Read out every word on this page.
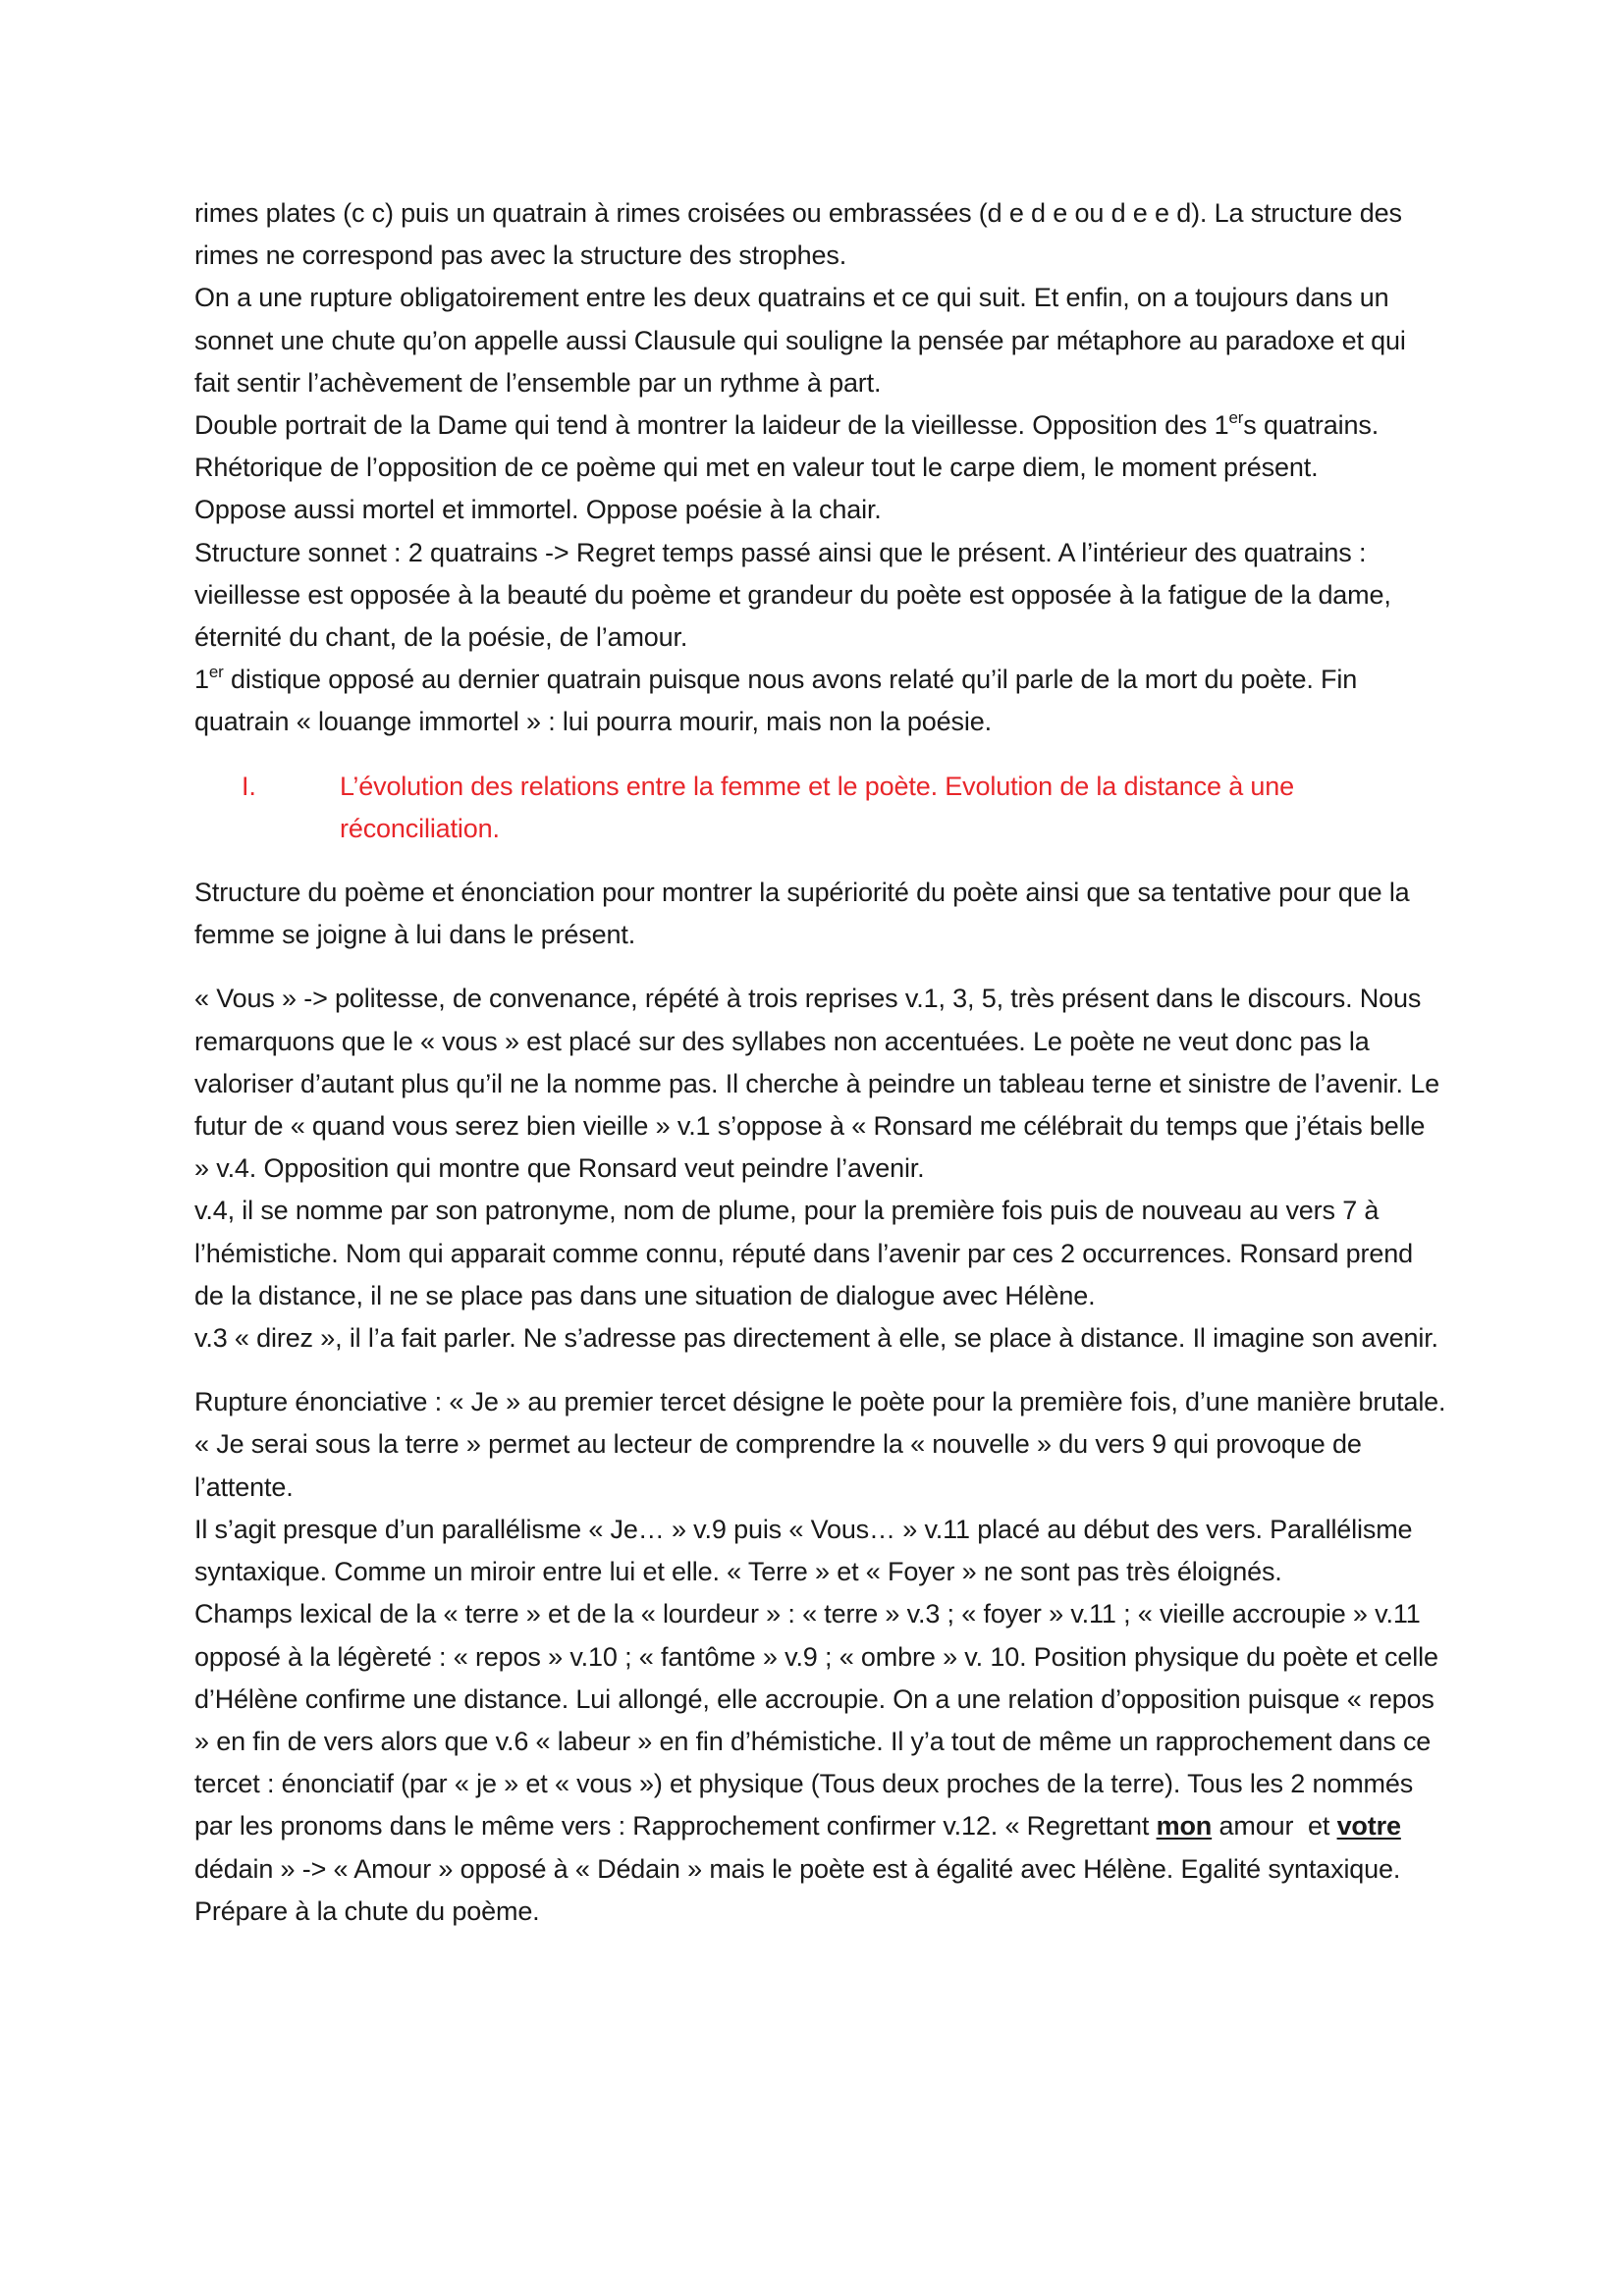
rimes plates (c c) puis un quatrain à rimes croisées ou embrassées (d e d e ou d e e d). La structure des rimes ne correspond pas avec la structure des strophes.

On a une rupture obligatoirement entre les deux quatrains et ce qui suit. Et enfin, on a toujours dans un sonnet une chute qu’on appelle aussi Clausule qui souligne la pensée par métaphore au paradoxe et qui fait sentir l’achèvement de l’ensemble par un rythme à part.

Double portrait de la Dame qui tend à montrer la laideur de la vieillesse. Opposition des 1ers quatrains. Rhétorique de l’opposition de ce poème qui met en valeur tout le carpe diem, le moment présent.

Oppose aussi mortel et immortel. Oppose poésie à la chair.

Structure sonnet : 2 quatrains -> Regret temps passé ainsi que le présent. A l’intérieur des quatrains : vieillesse est opposée à la beauté du poème et grandeur du poète est opposée à la fatigue de la dame, éternité du chant, de la poésie, de l’amour.

1er distique opposé au dernier quatrain puisque nous avons relaté qu’il parle de la mort du poète. Fin quatrain « louange immortel » : lui pourra mourir, mais non la poésie.

I.	L’évolution des relations entre la femme et le poète. Evolution de la distance à une réconciliation.

Structure du poème et énonciation pour montrer la supériorité du poète ainsi que sa tentative pour que la femme se joigne à lui dans le présent.

« Vous » -> politesse, de convenance, répété à trois reprises v.1, 3, 5, très présent dans le discours. Nous remarquons que le « vous » est placé sur des syllabes non accentuées. Le poète ne veut donc pas la valoriser d’autant plus qu’il ne la nomme pas. Il cherche à peindre un tableau terne et sinistre de l’avenir. Le futur de « quand vous serez bien vieille » v.1 s’oppose à « Ronsard me célébrait du temps que j’étais belle » v.4. Opposition qui montre que Ronsard veut peindre l’avenir.

v.4, il se nomme par son patronyme, nom de plume, pour la première fois puis de nouveau au vers 7 à l’hémistiche. Nom qui apparait comme connu, réputé dans l’avenir par ces 2 occurrences. Ronsard prend de la distance, il ne se place pas dans une situation de dialogue avec Hélène.

v.3 « direz », il l’a fait parler. Ne s’adresse pas directement à elle, se place à distance. Il imagine son avenir.

Rupture énonciative : « Je » au premier tercet désigne le poète pour la première fois, d’une manière brutale. « Je serai sous la terre » permet au lecteur de comprendre la « nouvelle » du vers 9 qui provoque de l’attente.

Il s’agit presque d’un parallélisme « Je… » v.9 puis « Vous… » v.11 placé au début des vers. Parallélisme syntaxique. Comme un miroir entre lui et elle. « Terre » et « Foyer » ne sont pas très éloignés.

Champs lexical de la « terre » et de la « lourdeur » : « terre » v.3 ; « foyer » v.11 ; « vieille accroupie » v.11 opposé à la légèreté : « repos » v.10 ; « fantôme » v.9 ; « ombre » v. 10. Position physique du poète et celle d’Hélène confirme une distance. Lui allongé, elle accroupie. On a une relation d’opposition puisque « repos » en fin de vers alors que v.6 « labeur » en fin d’hémistiche. Il y’a tout de même un rapprochement dans ce tercet : énonciatif (par « je » et « vous ») et physique (Tous deux proches de la terre). Tous les 2 nommés par les pronoms dans le même vers : Rapprochement confirmer v.12. « Regrettant mon amour  et votre dédain » -> « Amour » opposé à « Dédain » mais le poète est à égalité avec Hélène. Egalité syntaxique. Prépare à la chute du poème.
